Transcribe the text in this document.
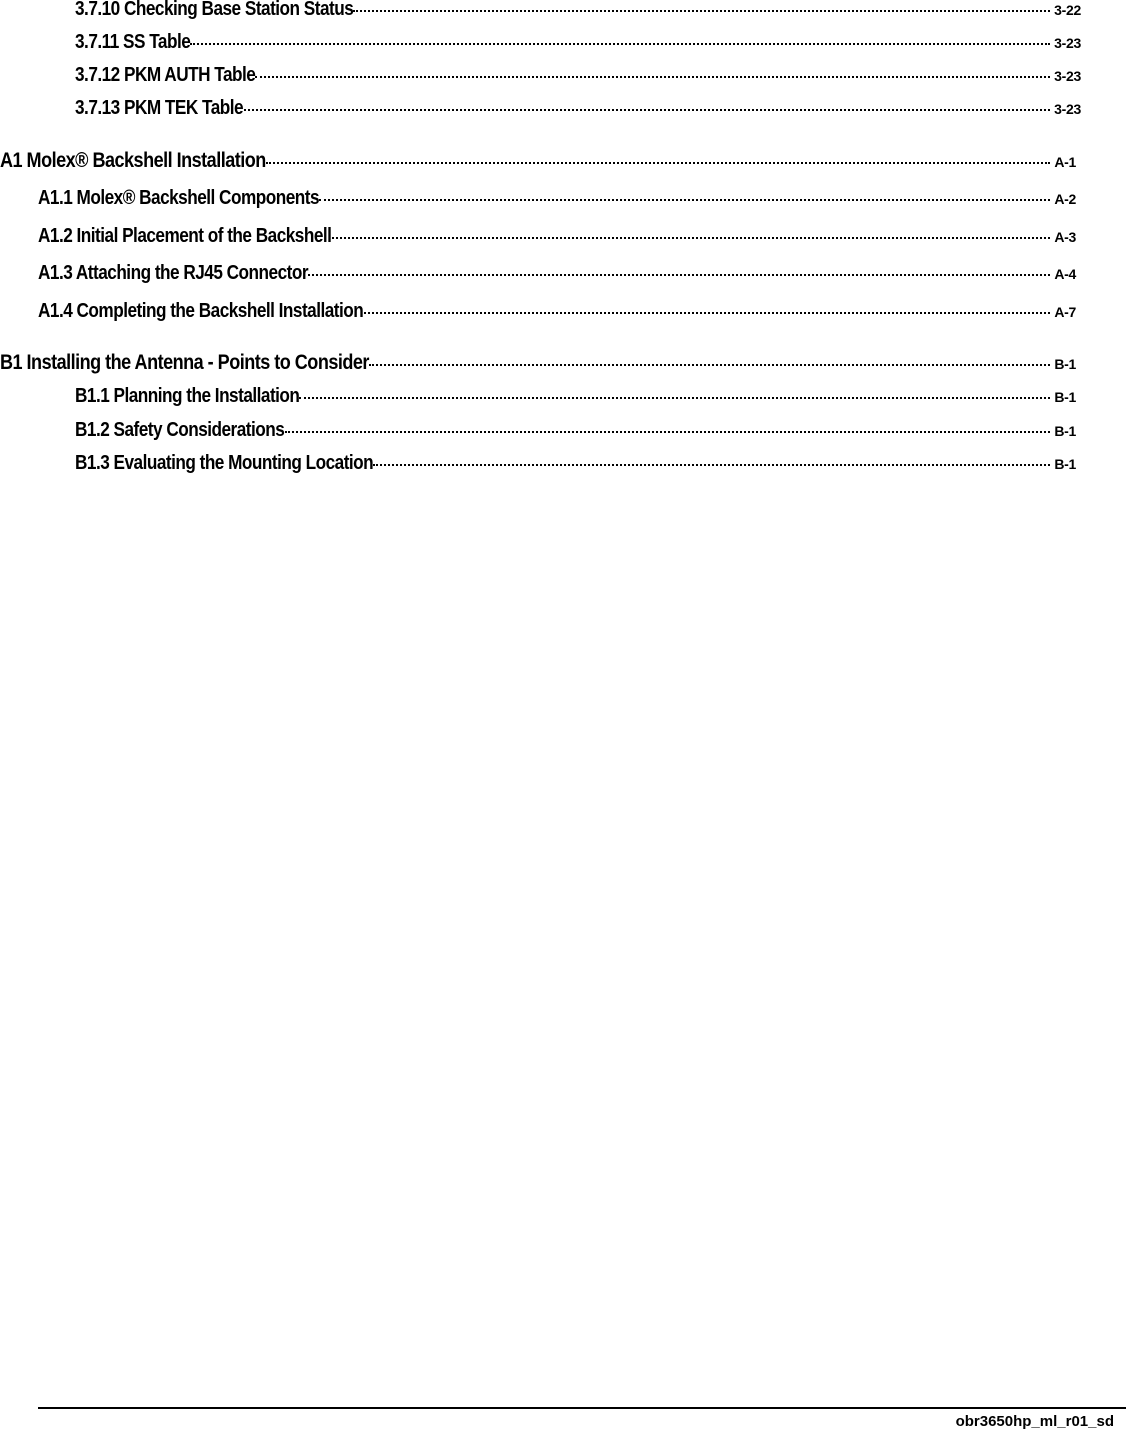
3.7.10 Checking Base Station Status	3-22
3.7.11 SS Table	3-23
3.7.12 PKM AUTH Table	3-23
3.7.13 PKM TEK Table	3-23
A1 Molex® Backshell Installation	A-1
A1.1 Molex® Backshell Components	A-2
A1.2 Initial Placement of the Backshell	A-3
A1.3 Attaching the RJ45 Connector	A-4
A1.4 Completing the Backshell Installation	A-7
B1 Installing the Antenna - Points to Consider	B-1
B1.1 Planning the Installation	B-1
B1.2 Safety Considerations	B-1
B1.3 Evaluating the Mounting Location	B-1
obr3650hp_ml_r01_sd
